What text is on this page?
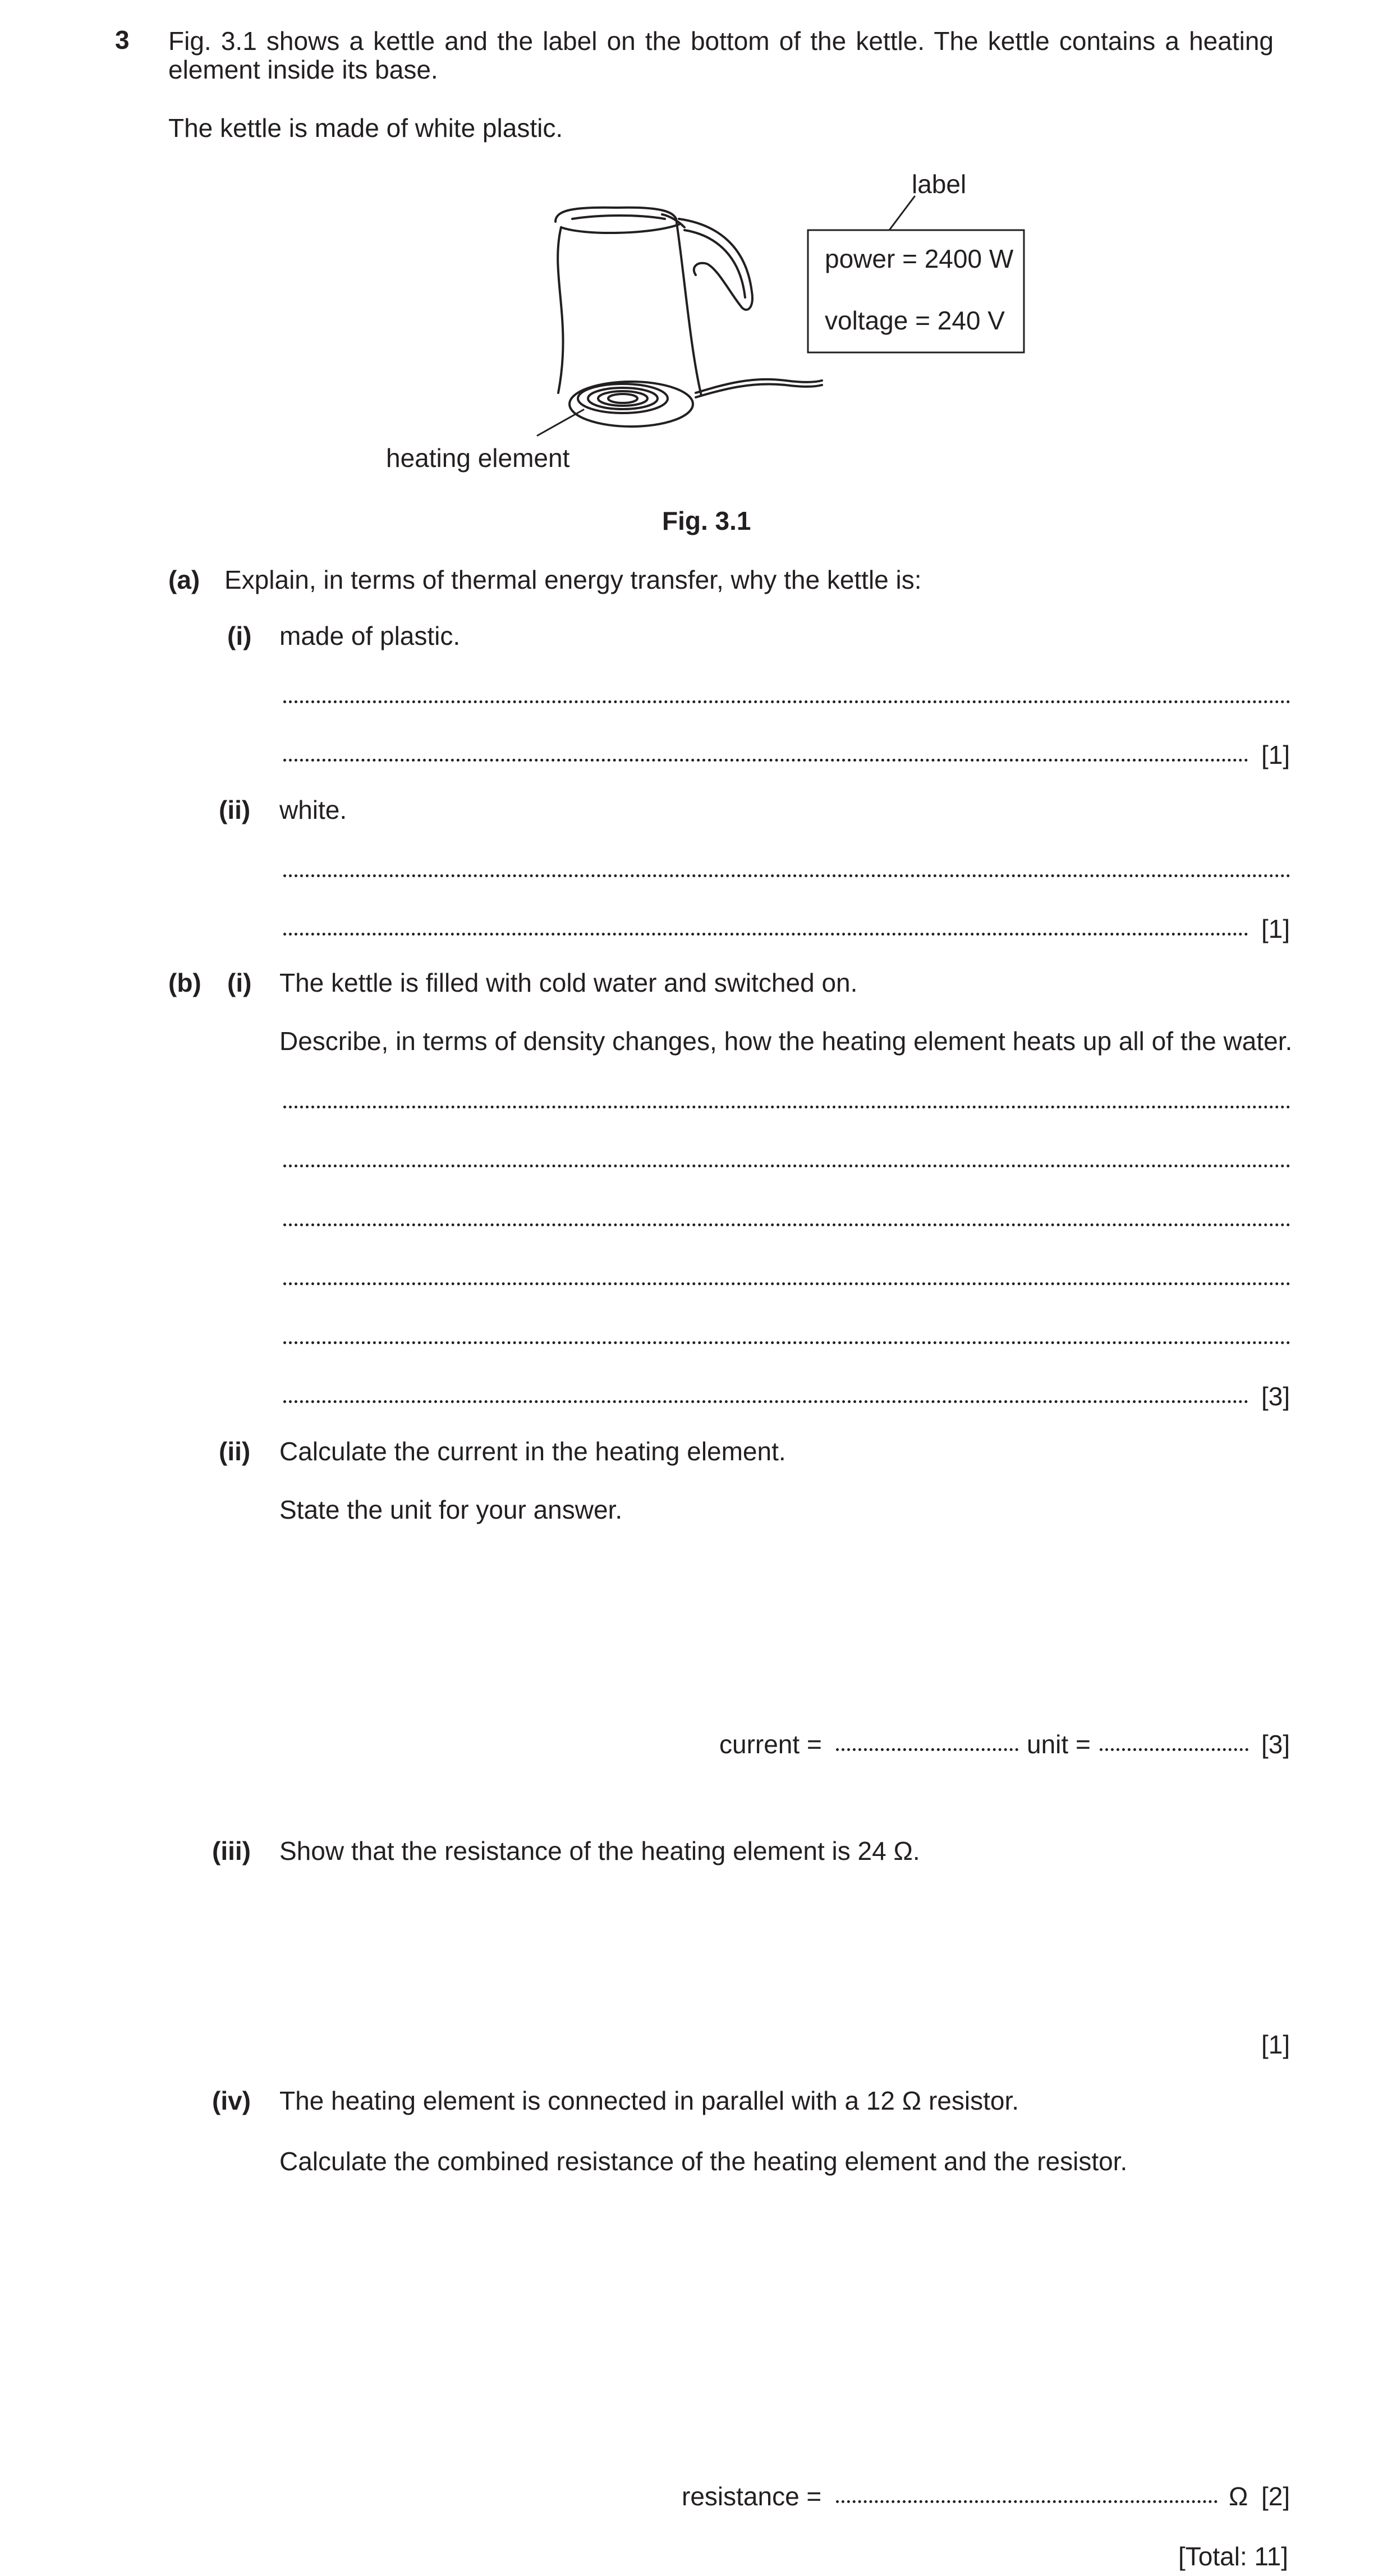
3 Fig. 3.1 shows a kettle and the label on the bottom of the kettle. The kettle contains a heating element inside its base.
The kettle is made of white plastic.
label
power = 2400 W
voltage = 240 V
heating element
Fig. 3.1
(a) Explain, in terms of thermal energy transfer, why the kettle is:
(i) made of plastic.
[1]
(ii) white.
[1]
(b) (i) The kettle is filled with cold water and switched on.
Describe, in terms of density changes, how the heating element heats up all of the water.
[3]
(ii) Calculate the current in the heating element.
State the unit for your answer.
current =	unit =	[3]
(iii) Show that the resistance of the heating element is 24 Ω.
[1]
(iv) The heating element is connected in parallel with a 12 Ω resistor.
Calculate the combined resistance of the heating element and the resistor.
resistance =	Ω [2]
[Total: 11]
